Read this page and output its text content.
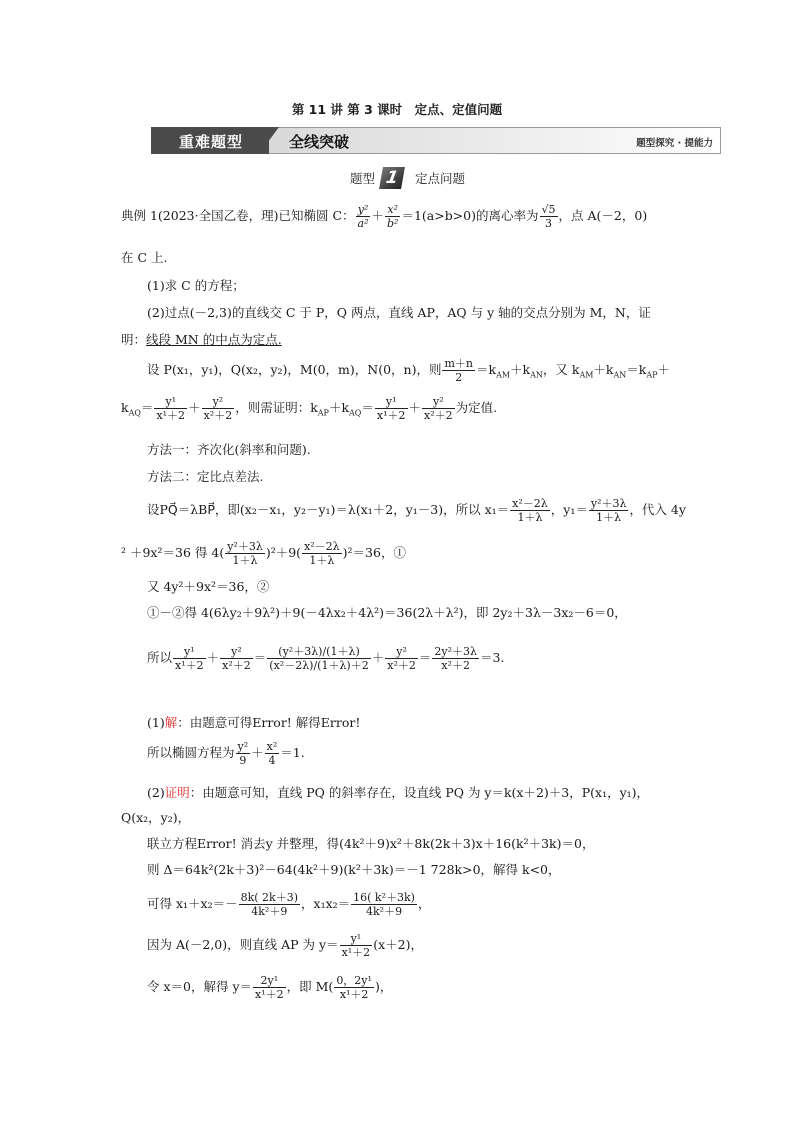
第 11 讲 第 3 课时　定点、定值问题
重难题型	全线突破	题型探究 · 提能力
题型 1	定点问题
典例 1(2023·全国乙卷，理)已知椭圆 C： $\frac{\text{y²}}{\text{a²}} + \frac{\text{x²}}{\text{b²}} =1(a>b>0)$的离心率为 $\frac{√5}{3}$ ，点 A(－2，0)
在 C 上.
(1)求 C 的方程；
(2)过点(－2,3)的直线交 C 于 P，Q 两点，直线 AP，AQ 与 y 轴的交点分别为 M，N，证
明：线段 MN 的中点为定点.
设 P(x₁，y₁)，Q(x₂，y₂)，M(0，m)，N(0，n)，则 $\frac{m+n}{2} =k_{AM}+k_{AN}$，又 $k_{AM}+k_{AN}=k_{AP}+$
$k_{AQ}= \frac{\text{y¹}}{\text{x¹＋2}} + \frac{\text{y²}}{\text{x²＋2}}$ ，则需证明：$k_{AP}+k_{AQ}= \frac{\text{y¹}}{\text{x¹＋2}} + \frac{\text{y²}}{\text{x²＋2}}$ 为定值.
方法一：齐次化(斜率和问题).
方法二：定比点差法.
设PQ⃗＝λBP⃗，即(x₂－x₁，y₂－y₁)＝λ(x₁＋2，y₁－3)，所以 $x_1= \frac{\text{x²－2λ}}{1+\lambda}$ ，$y_1= \frac{\text{y²＋3λ}}{1+\lambda}$ ，代入 4y
² ＋9x²＝36 得 $4( \frac{\text{y²＋3λ}}{1+\lambda} )^2+9( \frac{\text{x²－2λ}}{1+\lambda} )^2=36$，①
又 4y²＋9x²＝36，②
①－②得 4(6λy₂＋9λ²)＋9(－4λx₂＋4λ²)＝36(2λ＋λ²)，即 2y₂＋3λ－3x₂－6＝0，
所以 $\frac{\text{y¹}}{\text{x¹＋2}} + \frac{\text{y²}}{\text{x²＋2}} = \frac{\text{(y²＋3λ)/(1＋λ)}}{\text{(x²－2λ)/(1＋λ)＋2}} + \frac{\text{y²}}{\text{x²＋2}} = \frac{\text{2y²＋3λ}}{\text{x²＋2}} =3$.
(1)解：由题意可得Error! 解得Error!
所以椭圆方程为 $\frac{\text{y²}}{9} + \frac{\text{x²}}{4} =1$.
(2)证明：由题意可知，直线 PQ 的斜率存在，设直线 PQ 为 y＝k(x＋2)＋3，P(x₁，y₁)，
Q(x₂，y₂)，
联立方程Error! 消去y 并整理，得(4k²＋9)x²＋8k(2k＋3)x＋16(k²＋3k)＝0，
则 Δ＝64k²(2k＋3)²－64(4k²＋9)(k²＋3k)＝－1 728k>0，解得 k<0，
可得 $x_1+x_2=- \frac{8k( 2k+3)}{\text{4k²＋9}}$ ，$x_1x_2= \frac{\text{16( k²＋3k)}}{\text{4k²＋9}}$ ，
因为 A(－2,0)，则直线 AP 为 $y= \frac{\text{y¹}}{\text{x¹＋2}} (x+2)$，
令 x＝0，解得 $y= \frac{\text{2y¹}}{\text{x¹＋2}}$ ，即 $M( \frac{\text{0，2y¹}}{\text{x¹＋2}}$ )，
